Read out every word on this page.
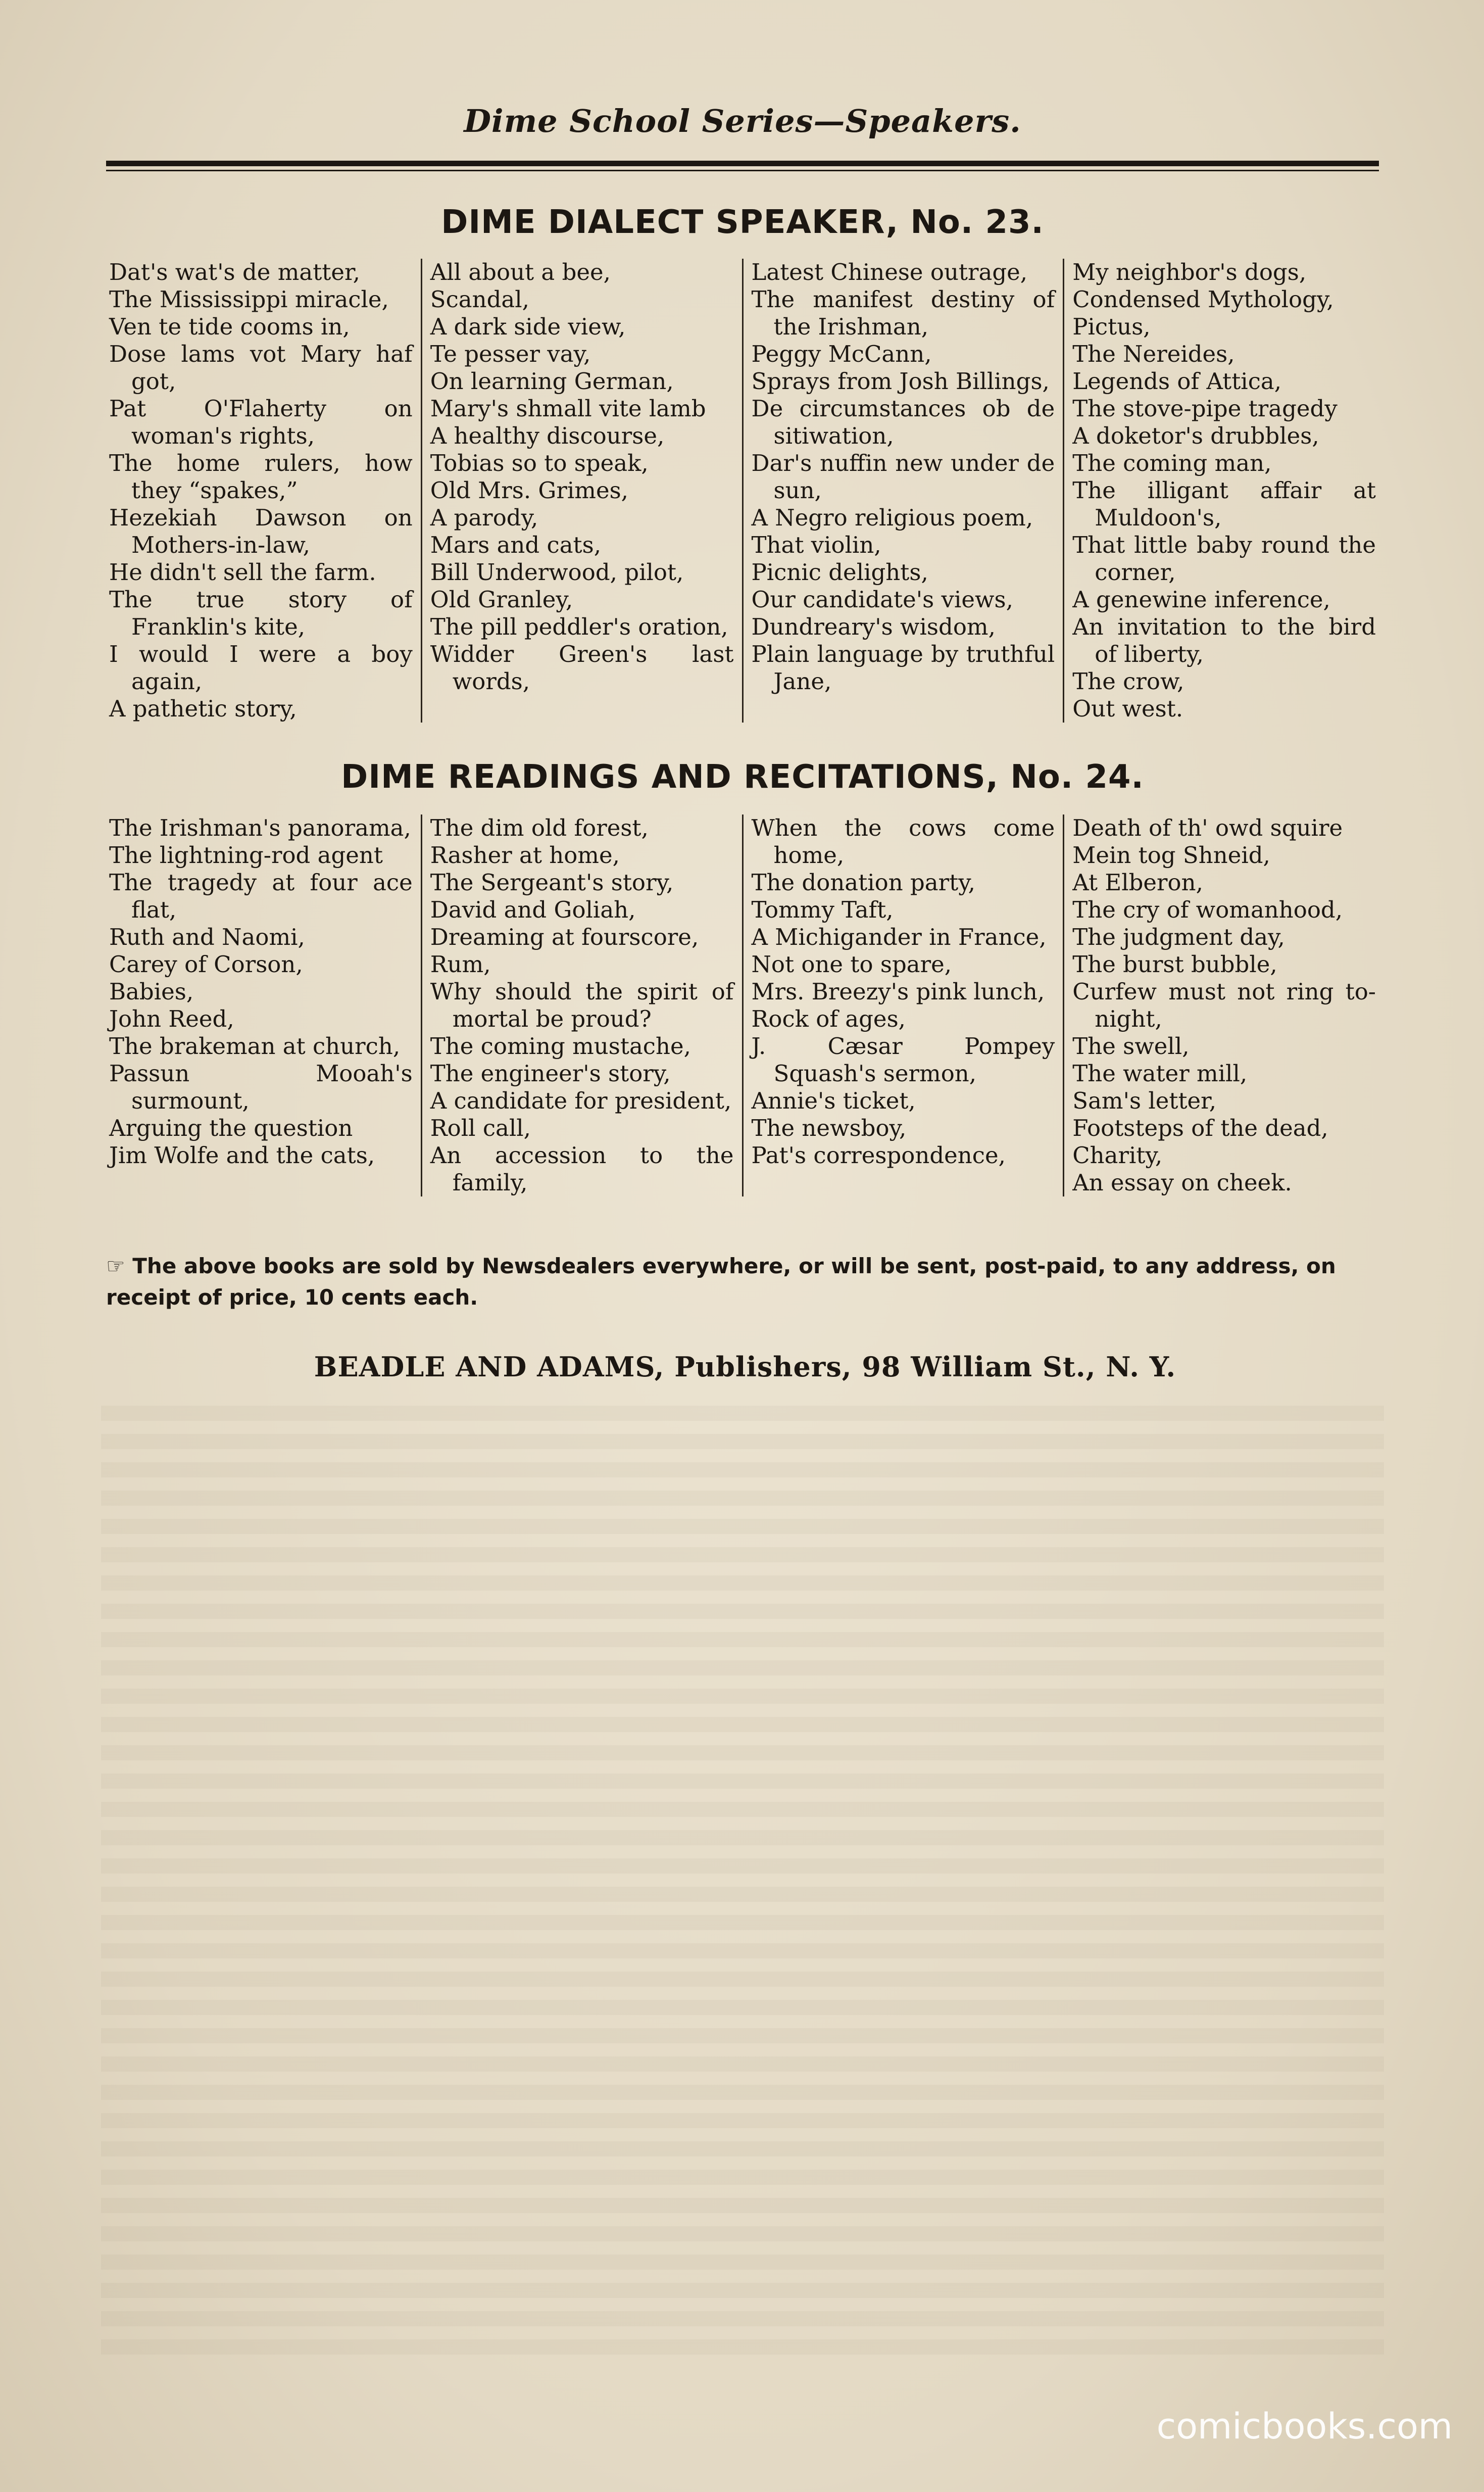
Dime School Series—Speakers.
DIME DIALECT SPEAKER, No. 23.
Dat's wat's de matter,
The Mississippi miracle,
Ven te tide cooms in,
Dose lams vot Mary haf got,
Pat O'Flaherty on woman's rights,
The home rulers, how they “spakes,”
Hezekiah Dawson on Mothers-in-law,
He didn't sell the farm.
The true story of Franklin's kite,
I would I were a boy again,
A pathetic story,
All about a bee,
Scandal,
A dark side view,
Te pesser vay,
On learning German,
Mary's shmall vite lamb
A healthy discourse,
Tobias so to speak,
Old Mrs. Grimes,
A parody,
Mars and cats,
Bill Underwood, pilot,
Old Granley,
The pill peddler's oration,
Widder Green's last words,
Latest Chinese outrage,
The manifest destiny of the Irishman,
Peggy McCann,
Sprays from Josh Billings,
De circumstances ob de sitiwation,
Dar's nuffin new under de sun,
A Negro religious poem,
That violin,
Picnic delights,
Our candidate's views,
Dundreary's wisdom,
Plain language by truthful Jane,
My neighbor's dogs,
Condensed Mythology,
Pictus,
The Nereides,
Legends of Attica,
The stove-pipe tragedy
A doketor's drubbles,
The coming man,
The illigant affair at Muldoon's,
That little baby round the corner,
A genewine inference,
An invitation to the bird of liberty,
The crow,
Out west.
DIME READINGS AND RECITATIONS, No. 24.
The Irishman's panorama,
The lightning-rod agent
The tragedy at four ace flat,
Ruth and Naomi,
Carey of Corson,
Babies,
John Reed,
The brakeman at church,
Passun Mooah's surmount,
Arguing the question
Jim Wolfe and the cats,
The dim old forest,
Rasher at home,
The Sergeant's story,
David and Goliah,
Dreaming at fourscore,
Rum,
Why should the spirit of mortal be proud?
The coming mustache,
The engineer's story,
A candidate for president,
Roll call,
An accession to the family,
When the cows come home,
The donation party,
Tommy Taft,
A Michigander in France,
Not one to spare,
Mrs. Breezy's pink lunch,
Rock of ages,
J. Cæsar Pompey Squash's sermon,
Annie's ticket,
The newsboy,
Pat's correspondence,
Death of th' owd squire
Mein tog Shneid,
At Elberon,
The cry of womanhood,
The judgment day,
The burst bubble,
Curfew must not ring to-night,
The swell,
The water mill,
Sam's letter,
Footsteps of the dead,
Charity,
An essay on cheek.
☞ The above books are sold by Newsdealers everywhere, or will be sent, post-paid, to any address, on receipt of price, 10 cents each.
BEADLE AND ADAMS, Publishers, 98 William St., N. Y.
comicbooks.com
